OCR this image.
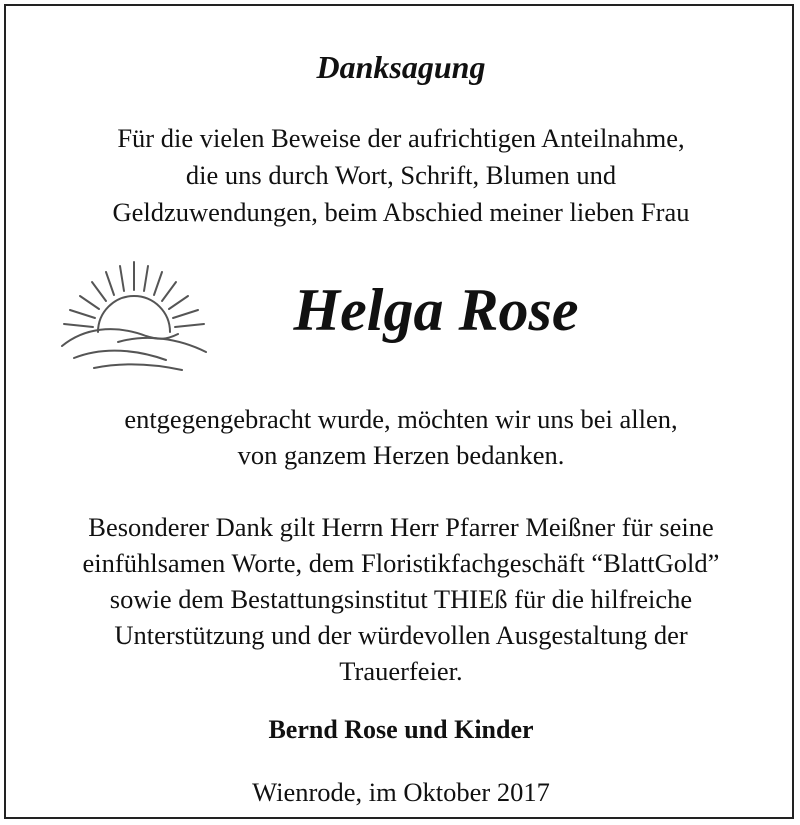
Danksagung
Für die vielen Beweise der aufrichtigen Anteilnahme,
die uns durch Wort, Schrift, Blumen und
Geldzuwendungen, beim Abschied meiner lieben Frau
Helga Rose
entgegengebracht wurde, möchten wir uns bei allen,
von ganzem Herzen bedanken.
Besonderer Dank gilt Herrn Herr Pfarrer Meißner für seine
einfühlsamen Worte, dem Floristikfachgeschäft “BlattGold”
sowie dem Bestattungsinstitut THIEß für die hilfreiche
Unterstützung und der würdevollen Ausgestaltung der
Trauerfeier.
Bernd Rose und Kinder
Wienrode, im Oktober 2017
